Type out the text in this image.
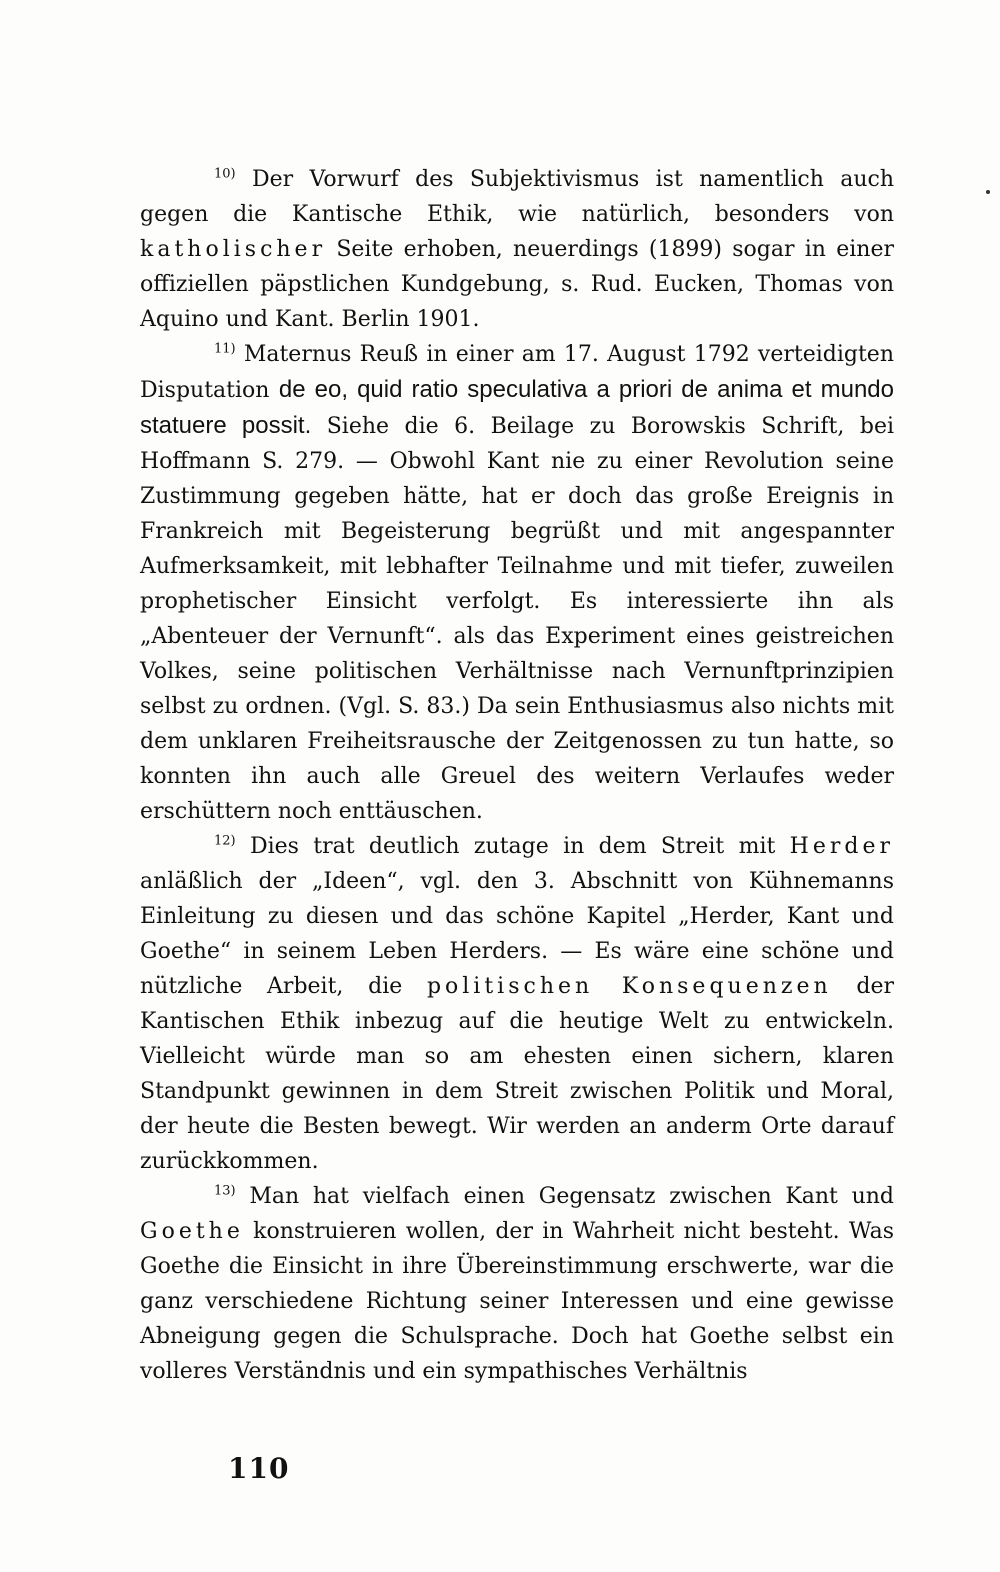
$^{10)}$ Der Vorwurf des Subjektivismus ist namentlich auch gegen die Kantische Ethik, wie natürlich, besonders von katholischer Seite erhoben, neuerdings (1899) sogar in einer offiziellen päpstlichen Kundgebung, s. Rud. Eucken, Thomas von Aquino und Kant. Berlin 1901.

$^{11)}$ Maternus Reuß in einer am 17. August 1792 verteidigten Disputation de eo, quid ratio speculativa a priori de anima et mundo statuere possit. Siehe die 6. Beilage zu Borowskis Schrift, bei Hoffmann S. 279. — Obwohl Kant nie zu einer Revolution seine Zustimmung gegeben hätte, hat er doch das große Ereignis in Frankreich mit Begeisterung begrüßt und mit angespannter Aufmerksamkeit, mit lebhafter Teilnahme und mit tiefer, zuweilen prophetischer Einsicht verfolgt. Es interessierte ihn als „Abenteuer der Vernunft“. als das Experiment eines geistreichen Volkes, seine politischen Verhältnisse nach Vernunftprinzipien selbst zu ordnen. (Vgl. S. 83.) Da sein Enthusiasmus also nichts mit dem unklaren Freiheitsrausche der Zeitgenossen zu tun hatte, so konnten ihn auch alle Greuel des weitern Verlaufes weder erschüttern noch enttäuschen.

$^{12)}$ Dies trat deutlich zutage in dem Streit mit Herder anläßlich der „Ideen“, vgl. den 3. Abschnitt von Kühnemanns Einleitung zu diesen und das schöne Kapitel „Herder, Kant und Goethe“ in seinem Leben Herders. — Es wäre eine schöne und nützliche Arbeit, die politischen Konsequenzen der Kantischen Ethik inbezug auf die heutige Welt zu entwickeln. Vielleicht würde man so am ehesten einen sichern, klaren Standpunkt gewinnen in dem Streit zwischen Politik und Moral, der heute die Besten bewegt. Wir werden an anderm Orte darauf zurückkommen.

$^{13)}$ Man hat vielfach einen Gegensatz zwischen Kant und Goethe konstruieren wollen, der in Wahrheit nicht besteht. Was Goethe die Einsicht in ihre Übereinstimmung erschwerte, war die ganz verschiedene Richtung seiner Interessen und eine gewisse Abneigung gegen die Schulsprache. Doch hat Goethe selbst ein volleres Verständnis und ein sympathisches Verhältnis

110
